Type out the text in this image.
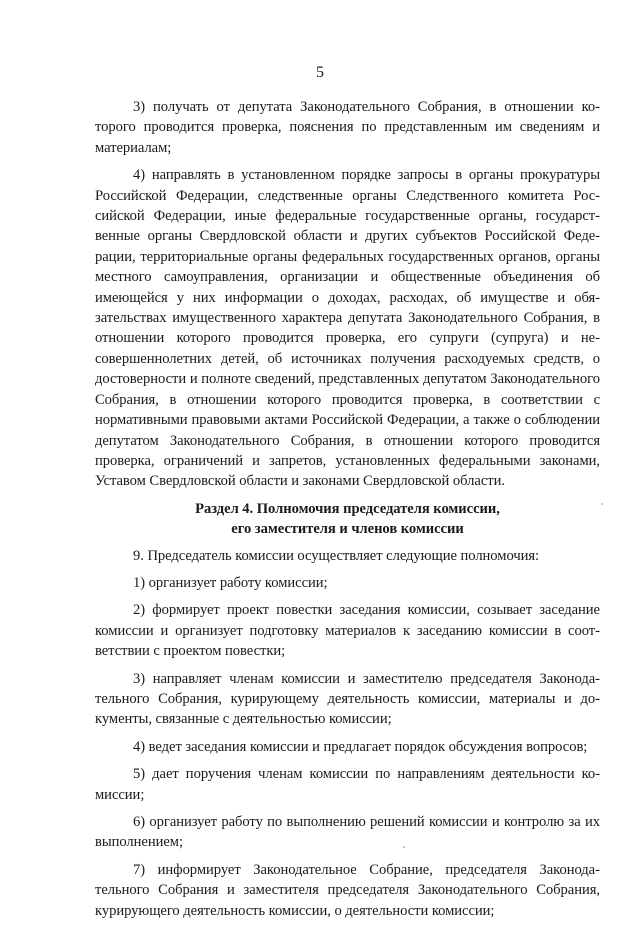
5

3) получать от депутата Законодательного Собрания, в отношении которого проводится проверка, пояснения по представленным им сведениям и материалам;

4) направлять в установленном порядке запросы в органы прокуратуры Российской Федерации, следственные органы Следственного комитета Российской Федерации, иные федеральные государственные органы, государственные органы Свердловской области и других субъектов Российской Федерации, территориальные органы федеральных государственных органов, органы местного самоуправления, организации и общественные объединения об имеющейся у них информации о доходах, расходах, об имуществе и обязательствах имущественного характера депутата Законодательного Собрания, в отношении которого проводится проверка, его супруги (супруга) и несовершеннолетних детей, об источниках получения расходуемых средств, о достоверности и полноте сведений, представленных депутатом Законодательного Собрания, в отношении которого проводится проверка, в соответствии с нормативными правовыми актами Российской Федерации, а также о соблюдении депутатом Законодательного Собрания, в отношении которого проводится проверка, ограничений и запретов, установленных федеральными законами, Уставом Свердловской области и законами Свердловской области.

Раздел 4. Полномочия председателя комиссии,
его заместителя и членов комиссии

9. Председатель комиссии осуществляет следующие полномочия:

1) организует работу комиссии;

2) формирует проект повестки заседания комиссии, созывает заседание комиссии и организует подготовку материалов к заседанию комиссии в соответствии с проектом повестки;

3) направляет членам комиссии и заместителю председателя Законодательного Собрания, курирующему деятельность комиссии, материалы и документы, связанные с деятельностью комиссии;

4) ведет заседания комиссии и предлагает порядок обсуждения вопросов;

5) дает поручения членам комиссии по направлениям деятельности комиссии;

6) организует работу по выполнению решений комиссии и контролю за их выполнением;

7) информирует Законодательное Собрание, председателя Законодательного Собрания и заместителя председателя Законодательного Собрания, курирующего деятельность комиссии, о деятельности комиссии;
